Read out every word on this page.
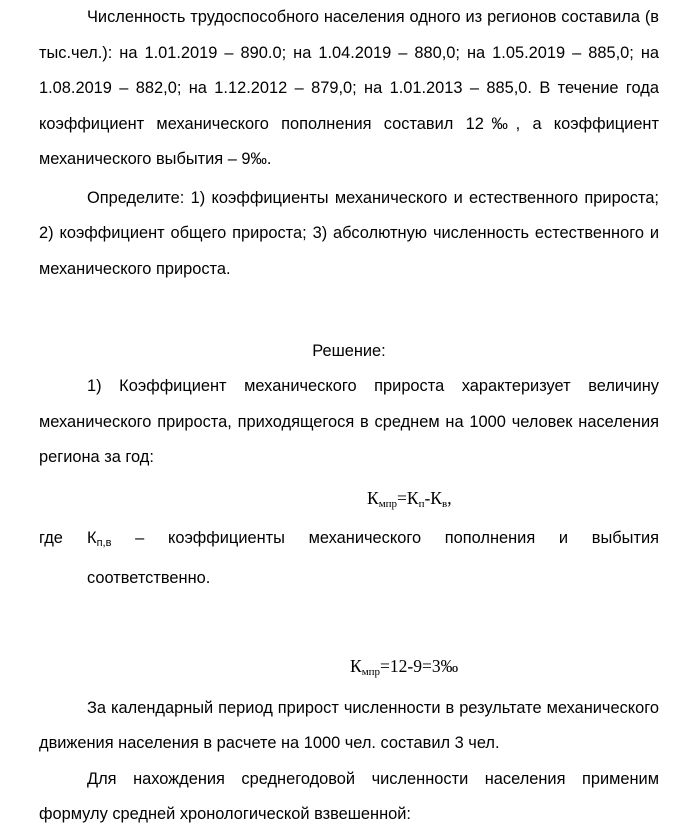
Численность трудоспособного населения одного из регионов составила (в тыс.чел.): на 1.01.2019 – 890.0; на 1.04.2019 – 880,0; на 1.05.2019 – 885,0; на 1.08.2019 – 882,0; на 1.12.2012 – 879,0; на 1.01.2013 – 885,0. В течение года коэффициент механического пополнения составил 12‰, а коэффициент механического выбытия – 9‰.

Определите: 1) коэффициенты механического и естественного прироста; 2) коэффициент общего прироста; 3) абсолютную численность естественного и механического прироста.

Решение:

1) Коэффициент механического прироста характеризует величину механического прироста, приходящегося в среднем на 1000 человек населения региона за год:

$К_{мпр}=К_п-К_в$,

где	$К_{п,в}$ – коэффициенты механического пополнения и выбытия
соответственно.

$К_{мпр}=12-9=3‰$

За календарный период прирост численности в результате механического движения населения в расчете на 1000 чел. составил 3 чел.

Для нахождения среднегодовой численности населения применим формулу средней хронологической взвешенной:
